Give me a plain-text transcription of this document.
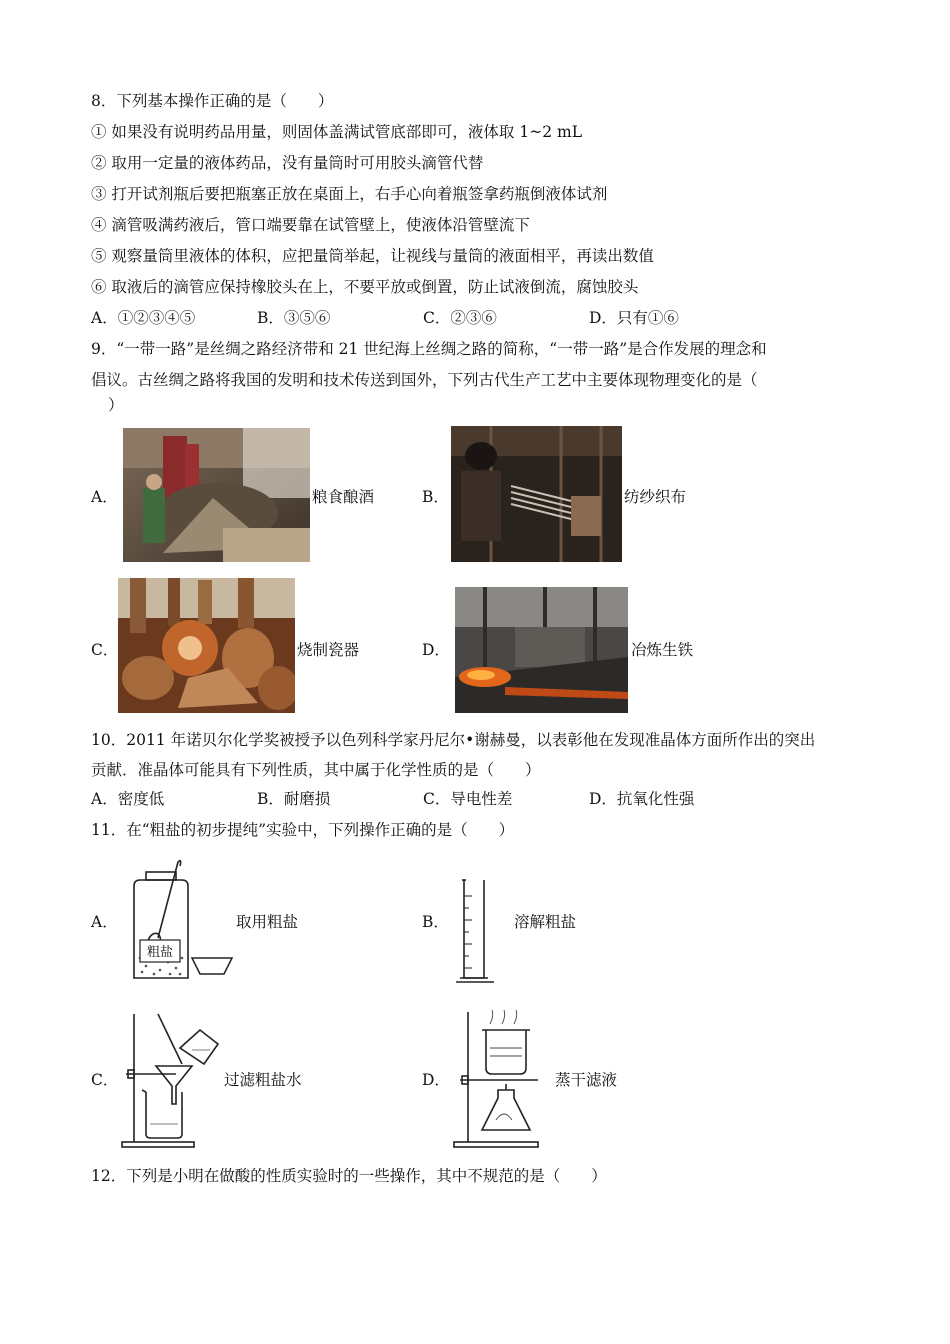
8．下列基本操作正确的是（　　）
① 如果没有说明药品用量，则固体盖满试管底部即可，液体取 1~2 mL
② 取用一定量的液体药品，没有量筒时可用胶头滴管代替
③ 打开试剂瓶后要把瓶塞正放在桌面上，右手心向着瓶签拿药瓶倒液体试剂
④ 滴管吸满药液后，管口端要靠在试管壁上，使液体沿管壁流下
⑤ 观察量筒里液体的体积，应把量筒举起，让视线与量筒的液面相平，再读出数值
⑥ 取液后的滴管应保持橡胶头在上，不要平放或倒置，防止试液倒流，腐蚀胶头
A．①②③④⑤	B．③⑤⑥	C．②③⑥	D．只有①⑥
9．“一带一路”是丝绸之路经济带和 21 世纪海上丝绸之路的简称，“一带一路”是合作发展的理念和
倡议。古丝绸之路将我国的发明和技术传送到国外，下列古代生产工艺中主要体现物理变化的是（
）
A．	粮食酿酒	B．	纺纱织布
C．	烧制瓷器	D．	冶炼生铁
10．2011 年诺贝尔化学奖被授予以色列科学家丹尼尔•谢赫曼，以表彰他在发现准晶体方面所作出的突出
贡献．准晶体可能具有下列性质，其中属于化学性质的是（　　）
A．密度低	B．耐磨损	C．导电性差	D．抗氧化性强
11．在“粗盐的初步提纯”实验中，下列操作正确的是（　　）
A．
粗盐
取用粗盐	B．	溶解粗盐
C．	过滤粗盐水	D．	蒸干滤液
12．下列是小明在做酸的性质实验时的一些操作，其中不规范的是（　　）
